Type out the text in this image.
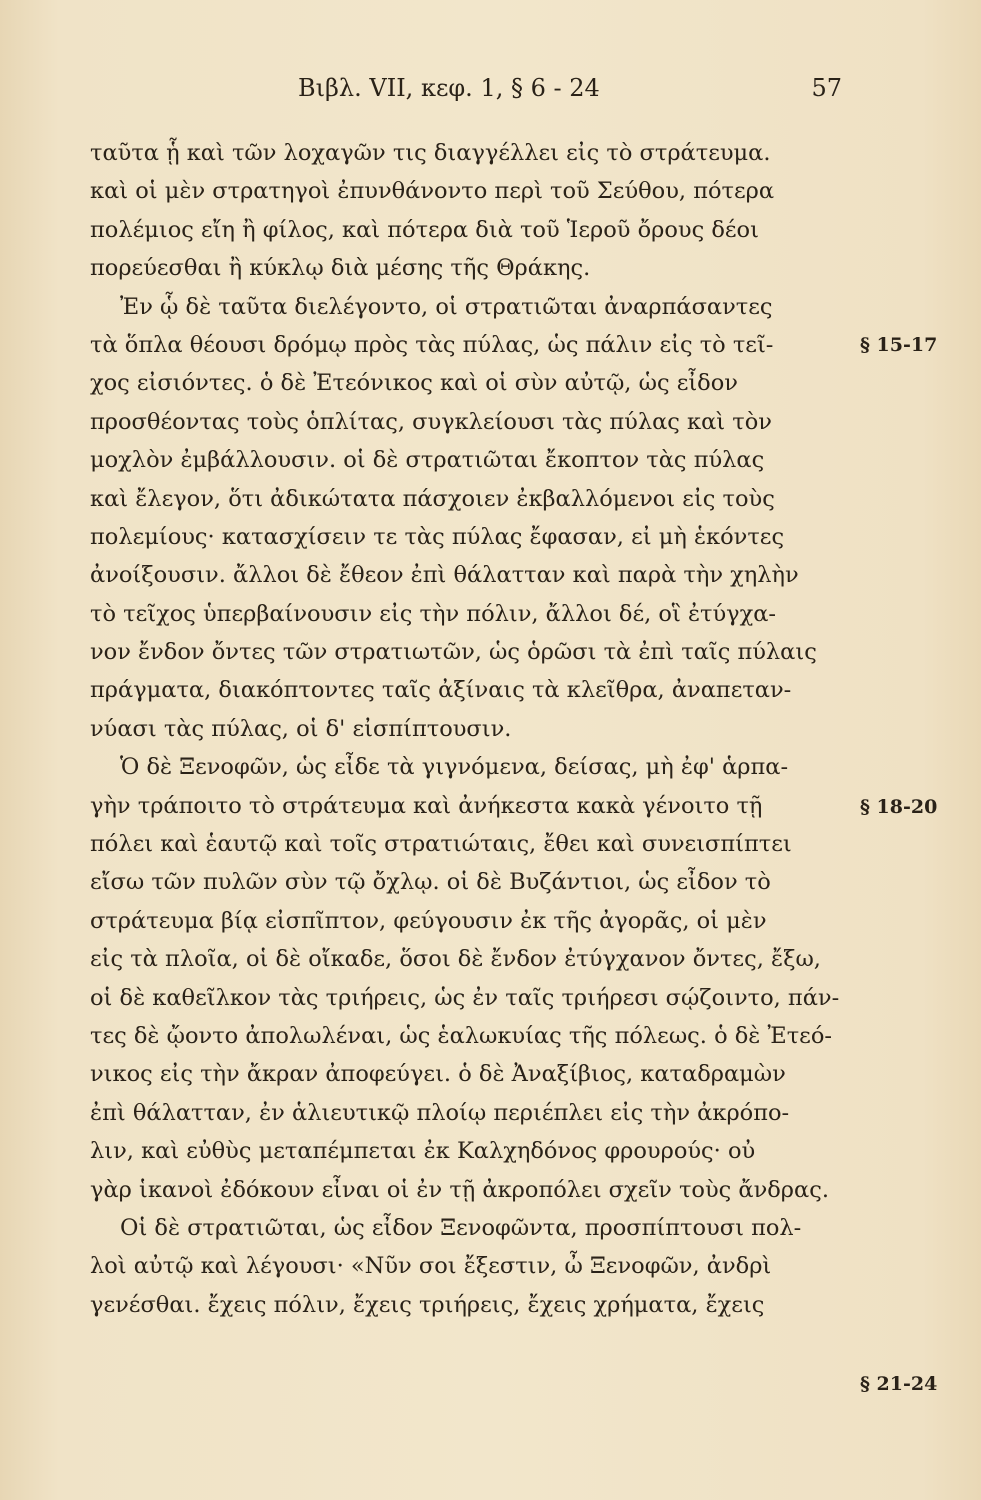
Βιβλ. VII, κεφ. 1, § 6 - 24	57
ταῦτα ᾗ καὶ τῶν λοχαγῶν τις διαγγέλλει εἰς τὸ στράτευμα.
καὶ οἱ μὲν στρατηγοὶ ἐπυνθάνοντο περὶ τοῦ Σεύθου, πότερα
πολέμιος εἴη ἢ φίλος, καὶ πότερα διὰ τοῦ Ἱεροῦ ὄρους δέοι
πορεύεσθαι ἢ κύκλῳ διὰ μέσης τῆς Θράκης.
Ἐν ᾧ δὲ ταῦτα διελέγοντο, οἱ στρατιῶται ἀναρπάσαντες
τὰ ὅπλα θέουσι δρόμῳ πρὸς τὰς πύλας, ὡς πάλιν εἰς τὸ τεῖ-
χος εἰσιόντες. ὁ δὲ Ἐτεόνικος καὶ οἱ σὺν αὐτῷ, ὡς εἶδον
προσθέοντας τοὺς ὁπλίτας, συγκλείουσι τὰς πύλας καὶ τὸν
μοχλὸν ἐμβάλλουσιν. οἱ δὲ στρατιῶται ἔκοπτον τὰς πύλας
καὶ ἔλεγον, ὅτι ἀδικώτατα πάσχοιεν ἐκβαλλόμενοι εἰς τοὺς
πολεμίους· κατασχίσειν τε τὰς πύλας ἔφασαν, εἰ μὴ ἑκόντες
ἀνοίξουσιν. ἄλλοι δὲ ἔθεον ἐπὶ θάλατταν καὶ παρὰ τὴν χηλὴν
τὸ τεῖχος ὑπερβαίνουσιν εἰς τὴν πόλιν, ἄλλοι δέ, οἳ ἐτύγχα-
νον ἔνδον ὄντες τῶν στρατιωτῶν, ὡς ὁρῶσι τὰ ἐπὶ ταῖς πύλαις
πράγματα, διακόπτοντες ταῖς ἀξίναις τὰ κλεῖθρα, ἀναπεταν-
νύασι τὰς πύλας, οἱ δ' εἰσπίπτουσιν.
Ὁ δὲ Ξενοφῶν, ὡς εἶδε τὰ γιγνόμενα, δείσας, μὴ ἐφ' ἁρπα-
γὴν τράποιτο τὸ στράτευμα καὶ ἀνήκεστα κακὰ γένοιτο τῇ
πόλει καὶ ἑαυτῷ καὶ τοῖς στρατιώταις, ἔθει καὶ συνεισπίπτει
εἴσω τῶν πυλῶν σὺν τῷ ὄχλῳ. οἱ δὲ Βυζάντιοι, ὡς εἶδον τὸ
στράτευμα βίᾳ εἰσπῖπτον, φεύγουσιν ἐκ τῆς ἀγορᾶς, οἱ μὲν
εἰς τὰ πλοῖα, οἱ δὲ οἴκαδε, ὅσοι δὲ ἔνδον ἐτύγχανον ὄντες, ἔξω,
οἱ δὲ καθεῖλκον τὰς τριήρεις, ὡς ἐν ταῖς τριήρεσι σῴζοιντο, πάν-
τες δὲ ᾤοντο ἀπολωλέναι, ὡς ἑαλωκυίας τῆς πόλεως. ὁ δὲ Ἐτεό-
νικος εἰς τὴν ἄκραν ἀποφεύγει. ὁ δὲ Ἀναξίβιος, καταδραμὼν
ἐπὶ θάλατταν, ἐν ἁλιευτικῷ πλοίῳ περιέπλει εἰς τὴν ἀκρόπο-
λιν, καὶ εὐθὺς μεταπέμπεται ἐκ Καλχηδόνος φρουρούς· οὐ
γὰρ ἱκανοὶ ἐδόκουν εἶναι οἱ ἐν τῇ ἀκροπόλει σχεῖν τοὺς ἄνδρας.
Οἱ δὲ στρατιῶται, ὡς εἶδον Ξενοφῶντα, προσπίπτουσι πολ-
λοὶ αὐτῷ καὶ λέγουσι· «Νῦν σοι ἔξεστιν, ὦ Ξενοφῶν, ἀνδρὶ
γενέσθαι. ἔχεις πόλιν, ἔχεις τριήρεις, ἔχεις χρήματα, ἔχεις
§ 15-17
§ 18-20
§ 21-24
